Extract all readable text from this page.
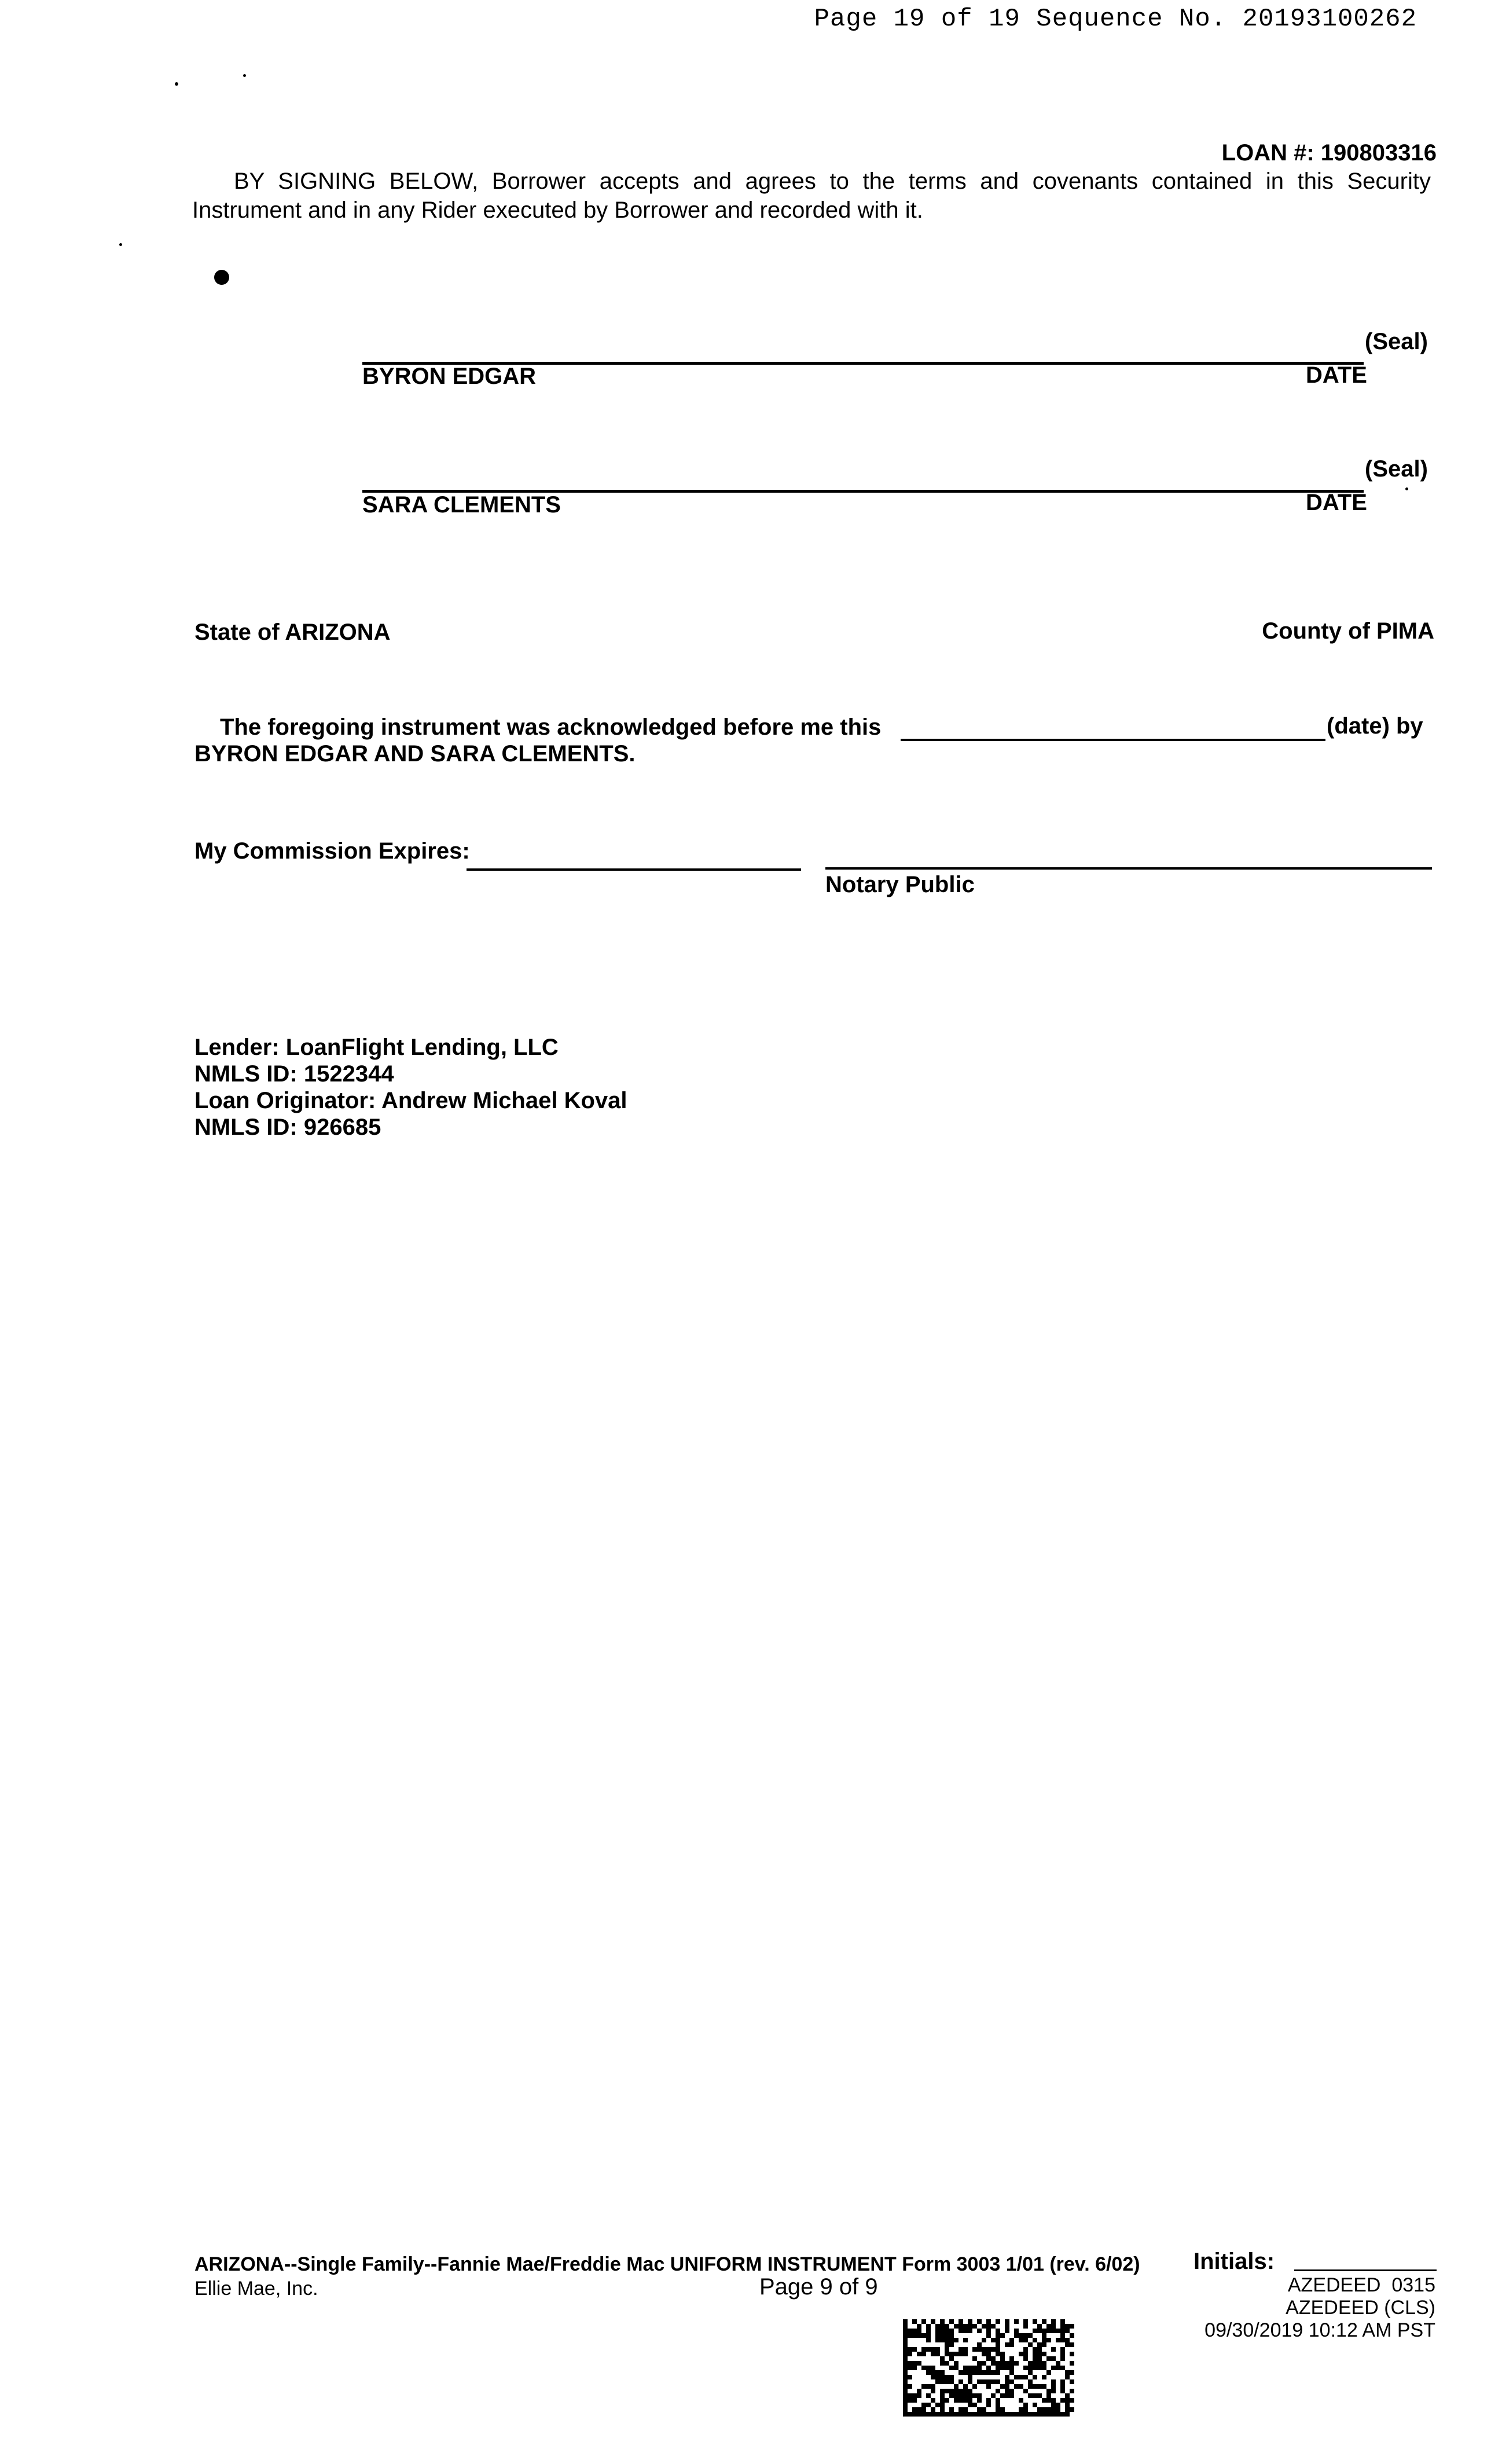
Page 19 of 19 Sequence No. 20193100262
LOAN #: 190803316
BY SIGNING BELOW, Borrower accepts and agrees to the terms and covenants contained in this Security Instrument and in any Rider executed by Borrower and recorded with it.
(Seal)
BYRON EDGAR	DATE
(Seal)
SARA CLEMENTS	DATE
State of ARIZONA	County of PIMA
The foregoing instrument was acknowledged before me this	(date) by
BYRON EDGAR AND SARA CLEMENTS.
My Commission Expires:
Notary Public
Lender: LoanFlight Lending, LLC
NMLS ID: 1522344
Loan Originator: Andrew Michael Koval
NMLS ID: 926685
ARIZONA--Single Family--Fannie Mae/Freddie Mac UNIFORM INSTRUMENT Form 3003 1/01 (rev. 6/02)
Ellie Mae, Inc.	Page 9 of 9
Initials:
AZEDEED  0315
AZEDEED (CLS)
09/30/2019 10:12 AM PST
